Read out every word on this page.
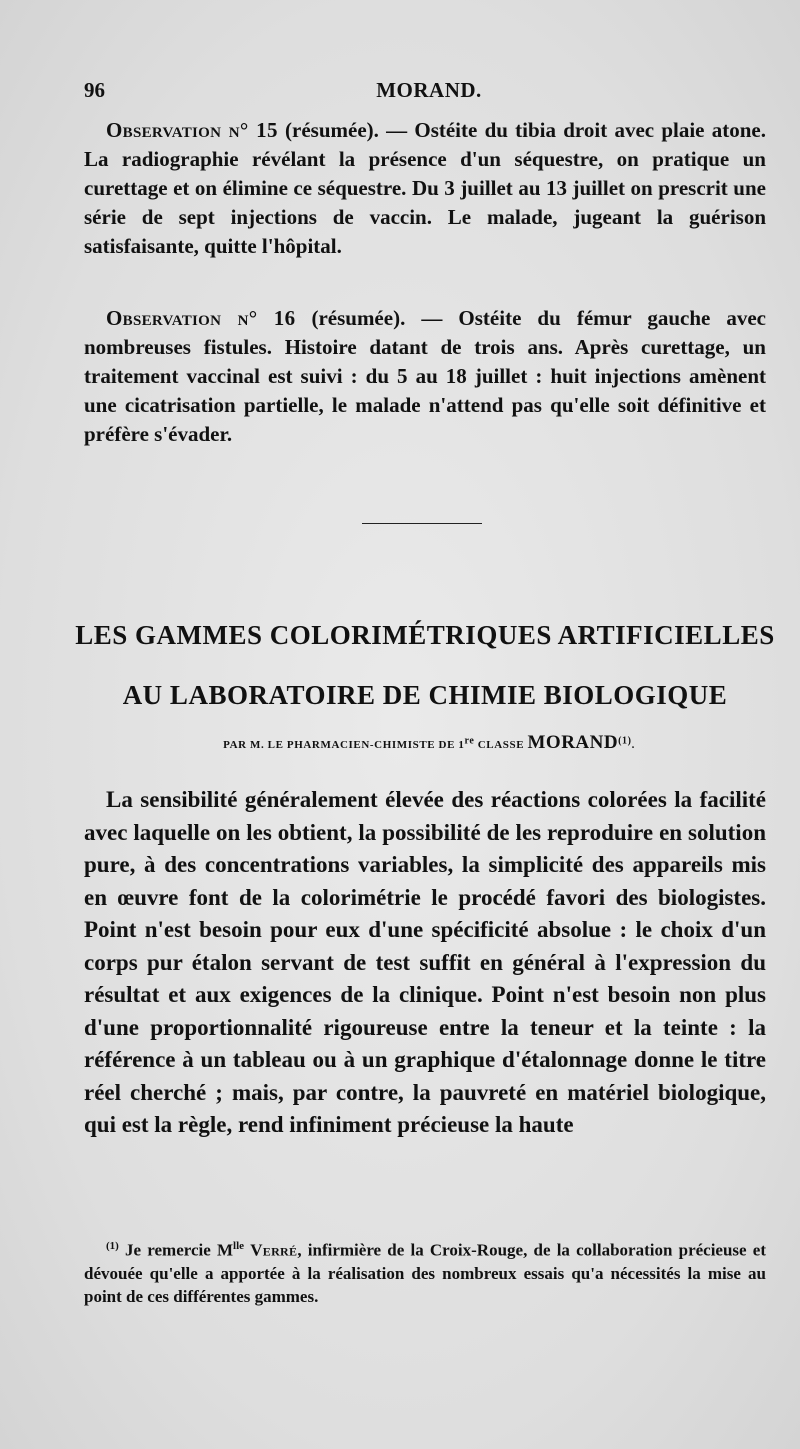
96	MORAND.
Observation n° 15 (résumée). — Ostéite du tibia droit avec plaie atone. La radiographie révélant la présence d'un séquestre, on pratique un curettage et on élimine ce séquestre. Du 3 juillet au 13 juillet on prescrit une série de sept injections de vaccin. Le malade, jugeant la guérison satisfaisante, quitte l'hôpital.
Observation n° 16 (résumée). — Ostéite du fémur gauche avec nombreuses fistules. Histoire datant de trois ans. Après curettage, un traitement vaccinal est suivi : du 5 au 18 juillet : huit injections amènent une cicatrisation partielle, le malade n'attend pas qu'elle soit définitive et préfère s'évader.
LES GAMMES COLORIMÉTRIQUES ARTIFICIELLES
AU LABORATOIRE DE CHIMIE BIOLOGIQUE
PAR M. LE PHARMACIEN-CHIMISTE DE 1re CLASSE MORAND$^{(1)}$.
La sensibilité généralement élevée des réactions colorées la facilité avec laquelle on les obtient, la possibilité de les reproduire en solution pure, à des concentrations variables, la simplicité des appareils mis en œuvre font de la colorimétrie le procédé favori des biologistes. Point n'est besoin pour eux d'une spécificité absolue : le choix d'un corps pur étalon servant de test suffit en général à l'expression du résultat et aux exigences de la clinique. Point n'est besoin non plus d'une proportionnalité rigoureuse entre la teneur et la teinte : la référence à un tableau ou à un graphique d'étalonnage donne le titre réel cherché ; mais, par contre, la pauvreté en matériel biologique, qui est la règle, rend infiniment précieuse la haute
$^{(1)}$ Je remercie $M^{lle}$ Verré, infirmière de la Croix-Rouge, de la collaboration précieuse et dévouée qu'elle a apportée à la réalisation des nombreux essais qu'a nécessités la mise au point de ces différentes gammes.
